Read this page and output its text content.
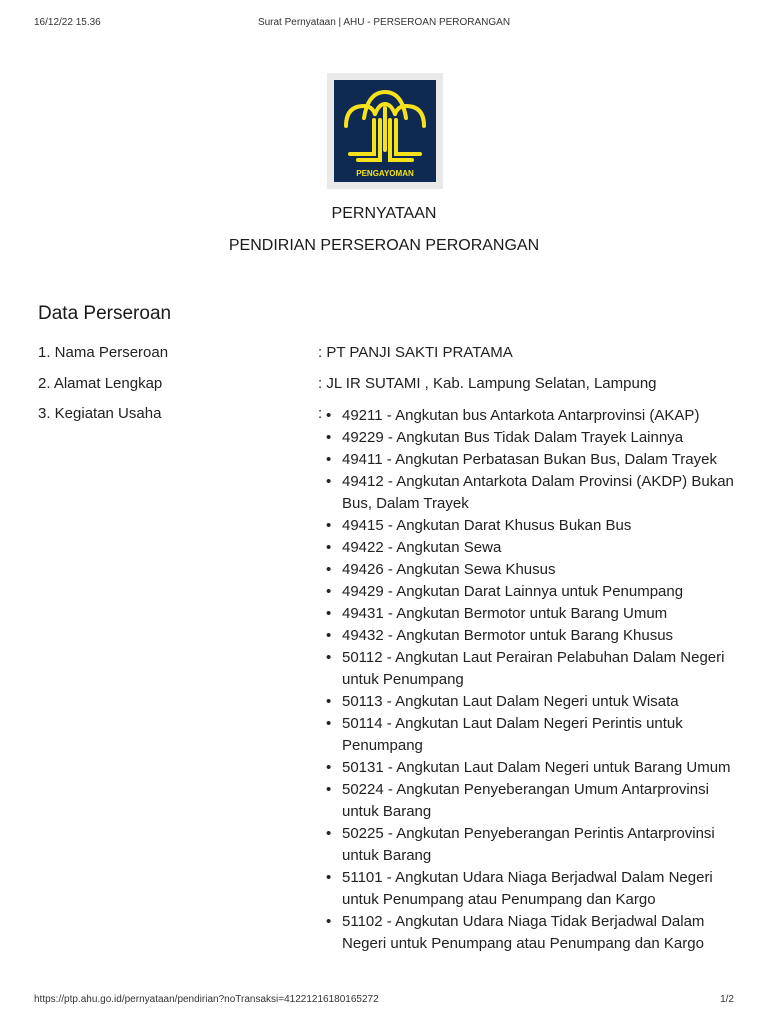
16/12/22 15.36	Surat Pernyataan | AHU - PERSEROAN PERORANGAN
PENGAYOMAN
PERNYATAAN
PENDIRIAN PERSEROAN PERORANGAN
Data Perseroan
1. Nama Perseroan	: PT PANJI SAKTI PRATAMA
2. Alamat Lengkap	: JL IR SUTAMI , Kab. Lampung Selatan, Lampung
3. Kegiatan Usaha	: • 49211 - Angkutan bus Antarkota Antarprovinsi (AKAP)
• 49229 - Angkutan Bus Tidak Dalam Trayek Lainnya
• 49411 - Angkutan Perbatasan Bukan Bus, Dalam Trayek
• 49412 - Angkutan Antarkota Dalam Provinsi (AKDP) Bukan Bus, Dalam Trayek
• 49415 - Angkutan Darat Khusus Bukan Bus
• 49422 - Angkutan Sewa
• 49426 - Angkutan Sewa Khusus
• 49429 - Angkutan Darat Lainnya untuk Penumpang
• 49431 - Angkutan Bermotor untuk Barang Umum
• 49432 - Angkutan Bermotor untuk Barang Khusus
• 50112 - Angkutan Laut Perairan Pelabuhan Dalam Negeri untuk Penumpang
• 50113 - Angkutan Laut Dalam Negeri untuk Wisata
• 50114 - Angkutan Laut Dalam Negeri Perintis untuk Penumpang
• 50131 - Angkutan Laut Dalam Negeri untuk Barang Umum
• 50224 - Angkutan Penyeberangan Umum Antarprovinsi untuk Barang
• 50225 - Angkutan Penyeberangan Perintis Antarprovinsi untuk Barang
• 51101 - Angkutan Udara Niaga Berjadwal Dalam Negeri untuk Penumpang atau Penumpang dan Kargo
• 51102 - Angkutan Udara Niaga Tidak Berjadwal Dalam Negeri untuk Penumpang atau Penumpang dan Kargo
https://ptp.ahu.go.id/pernyataan/pendirian?noTransaksi=412212161801652​72	1/2
